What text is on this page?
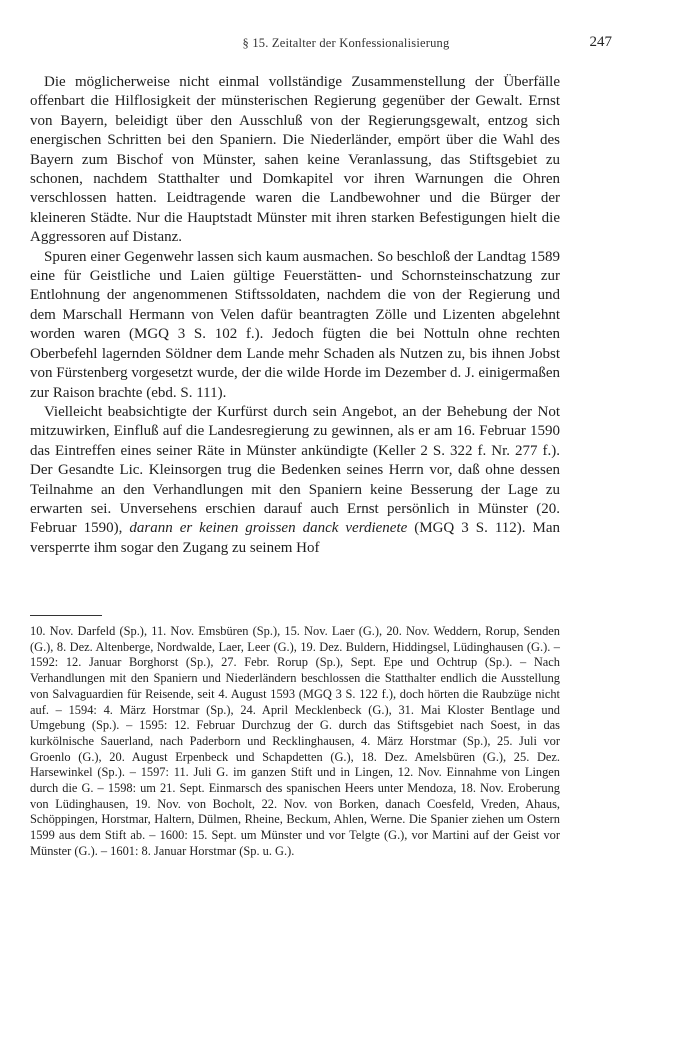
§ 15. Zeitalter der Konfessionalisierung	247

Die möglicherweise nicht einmal vollständige Zusammenstellung der Überfälle offenbart die Hilflosigkeit der münsterischen Regierung gegenüber der Gewalt. Ernst von Bayern, beleidigt über den Ausschluß von der Regierungsgewalt, entzog sich energischen Schritten bei den Spaniern. Die Niederländer, empört über die Wahl des Bayern zum Bischof von Münster, sahen keine Veranlassung, das Stiftsgebiet zu schonen, nachdem Statthalter und Domkapitel vor ihren Warnungen die Ohren verschlossen hatten. Leidtragende waren die Landbewohner und die Bürger der kleineren Städte. Nur die Hauptstadt Münster mit ihren starken Befestigungen hielt die Aggressoren auf Distanz.

Spuren einer Gegenwehr lassen sich kaum ausmachen. So beschloß der Landtag 1589 eine für Geistliche und Laien gültige Feuerstätten- und Schornsteinschatzung zur Entlohnung der angenommenen Stiftssoldaten, nachdem die von der Regierung und dem Marschall Hermann von Velen dafür beantragten Zölle und Lizenten abgelehnt worden waren (MGQ 3 S. 102 f.). Jedoch fügten die bei Nottuln ohne rechten Oberbefehl lagernden Söldner dem Lande mehr Schaden als Nutzen zu, bis ihnen Jobst von Fürstenberg vorgesetzt wurde, der die wilde Horde im Dezember d. J. einigermaßen zur Raison brachte (ebd. S. 111).

Vielleicht beabsichtigte der Kurfürst durch sein Angebot, an der Behebung der Not mitzuwirken, Einfluß auf die Landesregierung zu gewinnen, als er am 16. Februar 1590 das Eintreffen eines seiner Räte in Münster ankündigte (Keller 2 S. 322 f. Nr. 277 f.). Der Gesandte Lic. Kleinsorgen trug die Bedenken seines Herrn vor, daß ohne dessen Teilnahme an den Verhandlungen mit den Spaniern keine Besserung der Lage zu erwarten sei. Unversehens erschien darauf auch Ernst persönlich in Münster (20. Februar 1590), darann er keinen groissen danck verdienete (MGQ 3 S. 112). Man versperrte ihm sogar den Zugang zu seinem Hof

10. Nov. Darfeld (Sp.), 11. Nov. Emsbüren (Sp.), 15. Nov. Laer (G.), 20. Nov. Weddern, Rorup, Senden (G.), 8. Dez. Altenberge, Nordwalde, Laer, Leer (G.), 19. Dez. Buldern, Hiddingsel, Lüdinghausen (G.). – 1592: 12. Januar Borghorst (Sp.), 27. Febr. Rorup (Sp.), Sept. Epe und Ochtrup (Sp.). – Nach Verhandlungen mit den Spaniern und Niederländern beschlossen die Statthalter endlich die Ausstellung von Salvaguardien für Reisende, seit 4. August 1593 (MGQ 3 S. 122 f.), doch hörten die Raubzüge nicht auf. – 1594: 4. März Horstmar (Sp.), 24. April Mecklenbeck (G.), 31. Mai Kloster Bentlage und Umgebung (Sp.). – 1595: 12. Februar Durchzug der G. durch das Stiftsgebiet nach Soest, in das kurkölnische Sauerland, nach Paderborn und Recklinghausen, 4. März Horstmar (Sp.), 25. Juli vor Groenlo (G.), 20. August Erpenbeck und Schapdetten (G.), 18. Dez. Amelsbüren (G.), 25. Dez. Harsewinkel (Sp.). – 1597: 11. Juli G. im ganzen Stift und in Lingen, 12. Nov. Einnahme von Lingen durch die G. – 1598: um 21. Sept. Einmarsch des spanischen Heers unter Mendoza, 18. Nov. Eroberung von Lüdinghausen, 19. Nov. von Bocholt, 22. Nov. von Borken, danach Coesfeld, Vreden, Ahaus, Schöppingen, Horstmar, Haltern, Dülmen, Rheine, Beckum, Ahlen, Werne. Die Spanier ziehen um Ostern 1599 aus dem Stift ab. – 1600: 15. Sept. um Münster und vor Telgte (G.), vor Martini auf der Geist vor Münster (G.). – 1601: 8. Januar Horstmar (Sp. u. G.).
